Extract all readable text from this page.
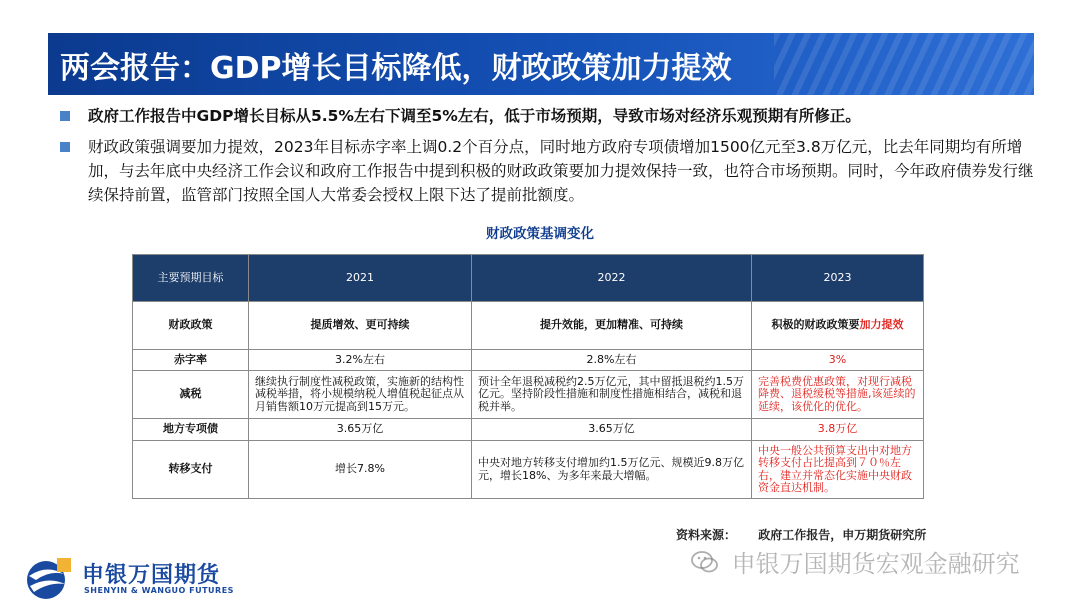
两会报告：GDP增长目标降低，财政政策加力提效
政府工作报告中GDP增长目标从5.5%左右下调至5%左右，低于市场预期，导致市场对经济乐观预期有所修正。
财政政策强调要加力提效，2023年目标赤字率上调0.2个百分点，同时地方政府专项债增加1500亿元至3.8万亿元，比去年同期均有所增加，与去年底中央经济工作会议和政府工作报告中提到积极的财政政策要加力提效保持一致，也符合市场预期。同时，今年政府债券发行继续保持前置，监管部门按照全国人大常委会授权上限下达了提前批额度。
财政政策基调变化
主要预期目标	2021	2022	2023
财政政策	提质增效、更可持续	提升效能，更加精准、可持续	积极的财政政策要加力提效
赤字率	3.2%左右	2.8%左右	3%
减税	继续执行制度性减税政策，实施新的结构性减税举措，将小规模纳税人增值税起征点从月销售额10万元提高到15万元。	预计全年退税减税约2.5万亿元，其中留抵退税约1.5万亿元。坚持阶段性措施和制度性措施相结合，减税和退税并举。	完善税费优惠政策，对现行减税降费、退税缓税等措施,该延续的延续，该优化的优化。
地方专项债	3.65万亿	3.65万亿	3.8万亿
转移支付	增长7.8%	中央对地方转移支付增加约1.5万亿元、规模近9.8万亿元，增长18%、为多年来最大增幅。	中央一般公共预算支出中对地方转移支付占比提高到７０％左右，建立并常态化实施中央财政资金直达机制。
资料来源： 政府工作报告，申万期货研究所
申银万国期货
SHENYIN & WANGUO FUTURES
申银万国期货宏观金融研究
